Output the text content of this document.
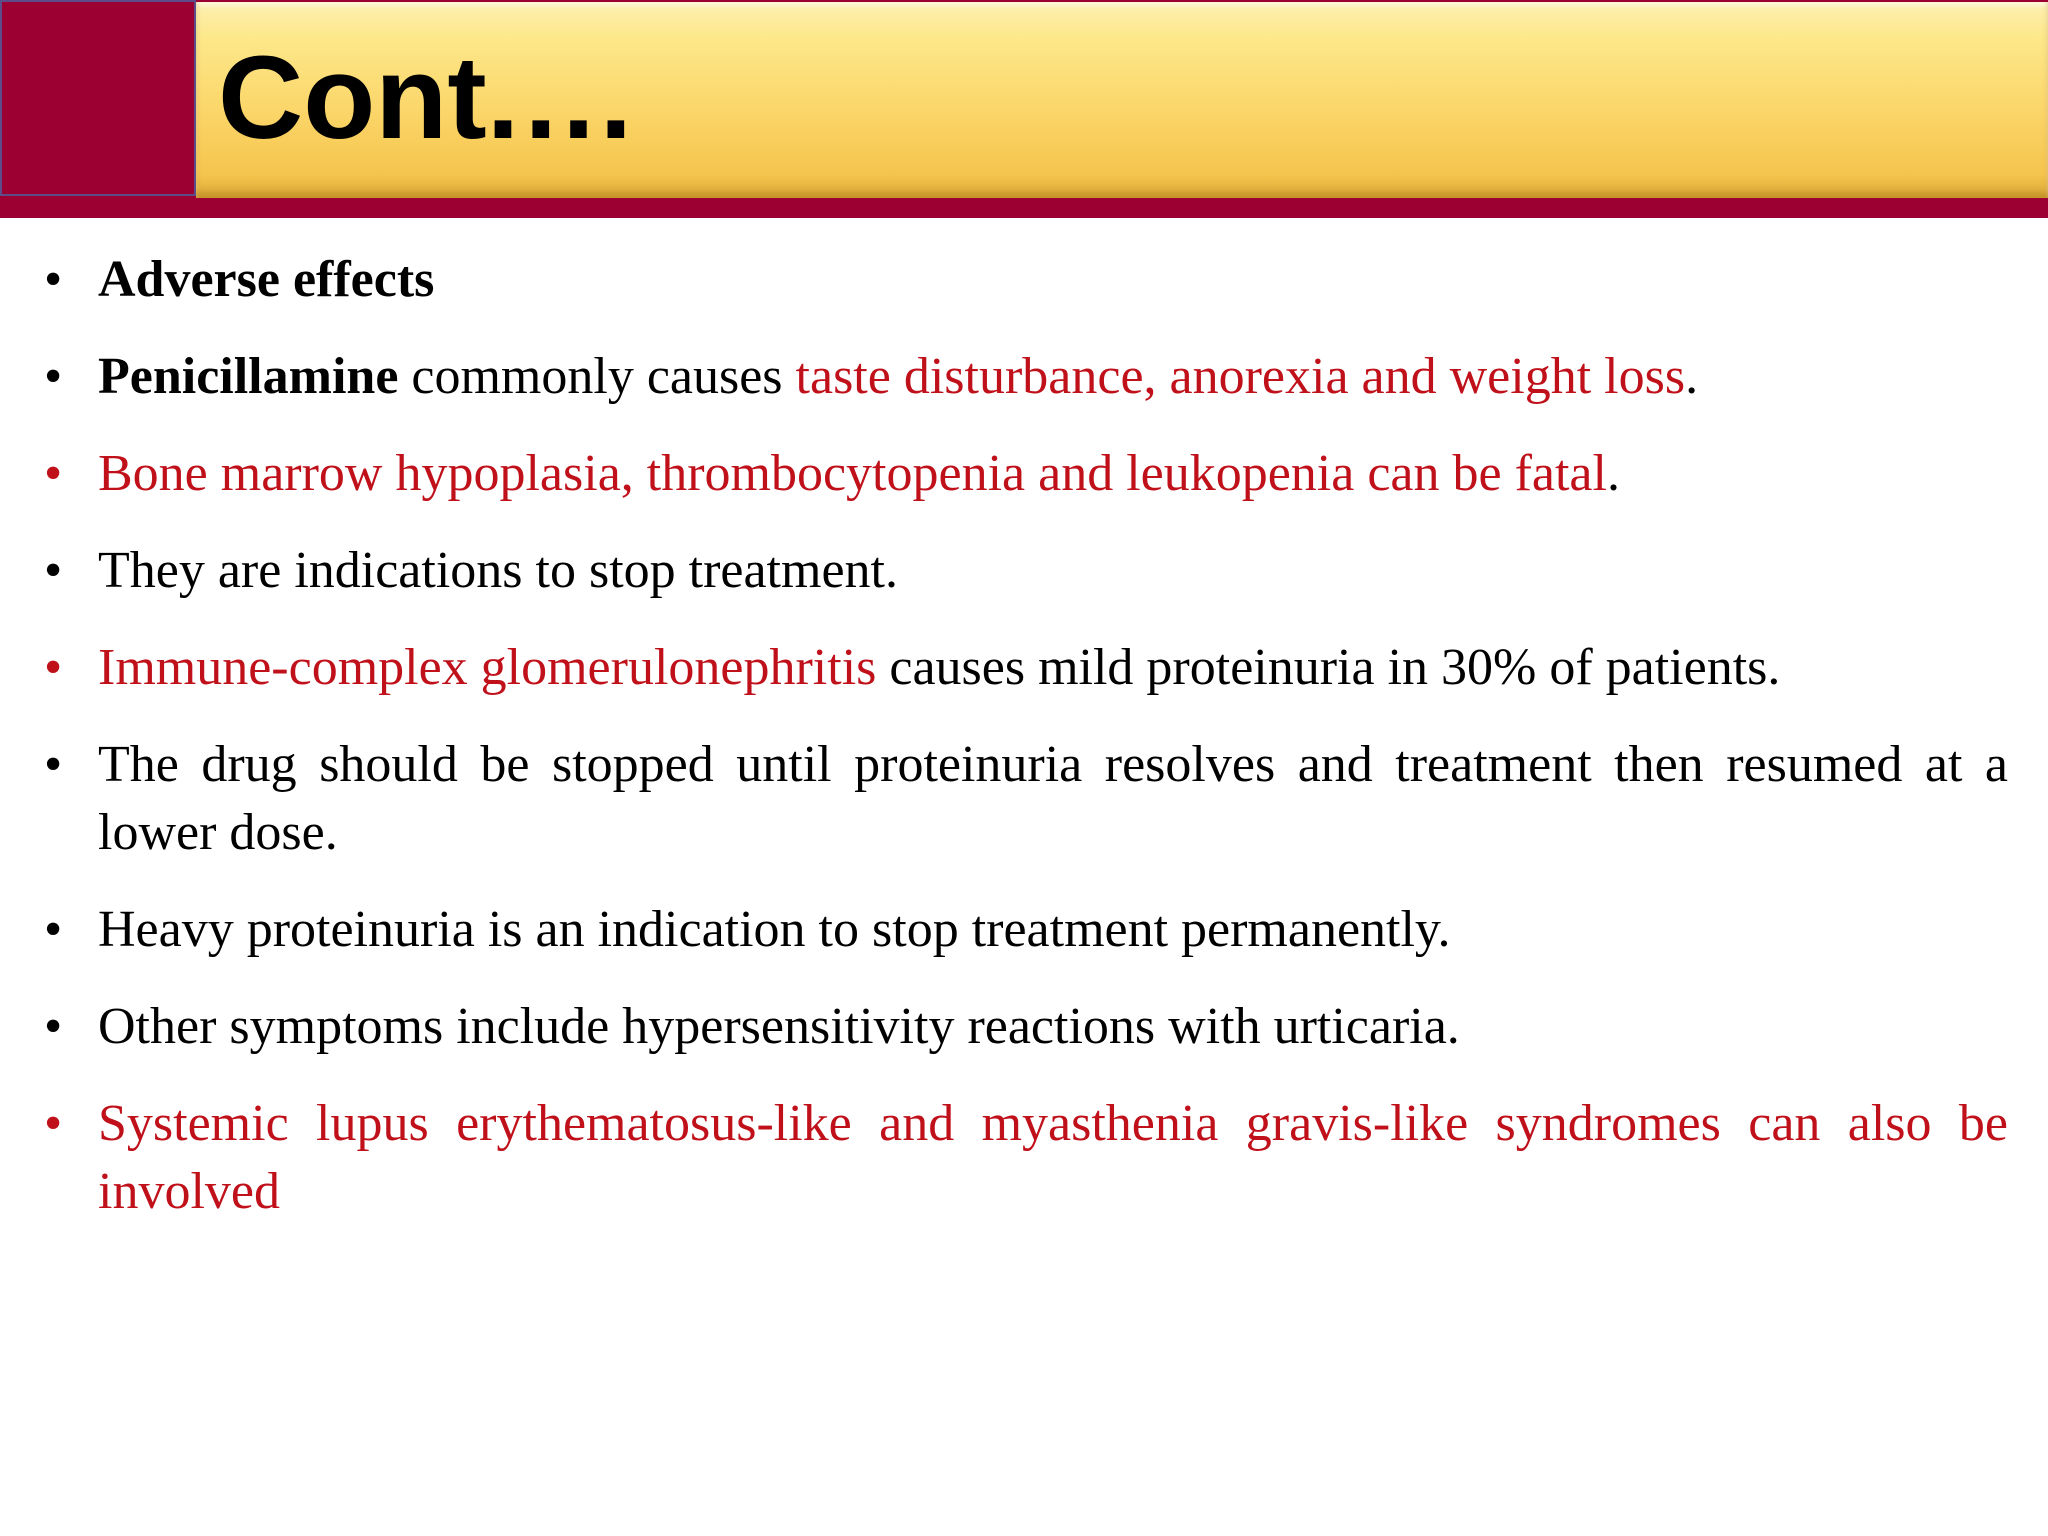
Cont.…
• Adverse effects
• Penicillamine commonly causes taste disturbance, anorexia and weight loss.
• Bone marrow hypoplasia, thrombocytopenia and leukopenia can be fatal.
• They are indications to stop treatment.
• Immune-complex glomerulonephritis causes mild proteinuria in 30% of patients.
• The drug should be stopped until proteinuria resolves and treatment then resumed at a lower dose.
• Heavy proteinuria is an indication to stop treatment permanently.
• Other symptoms include hypersensitivity reactions with urticaria.
• Systemic lupus erythematosus-like and myasthenia gravis-like syndromes can also be involved
